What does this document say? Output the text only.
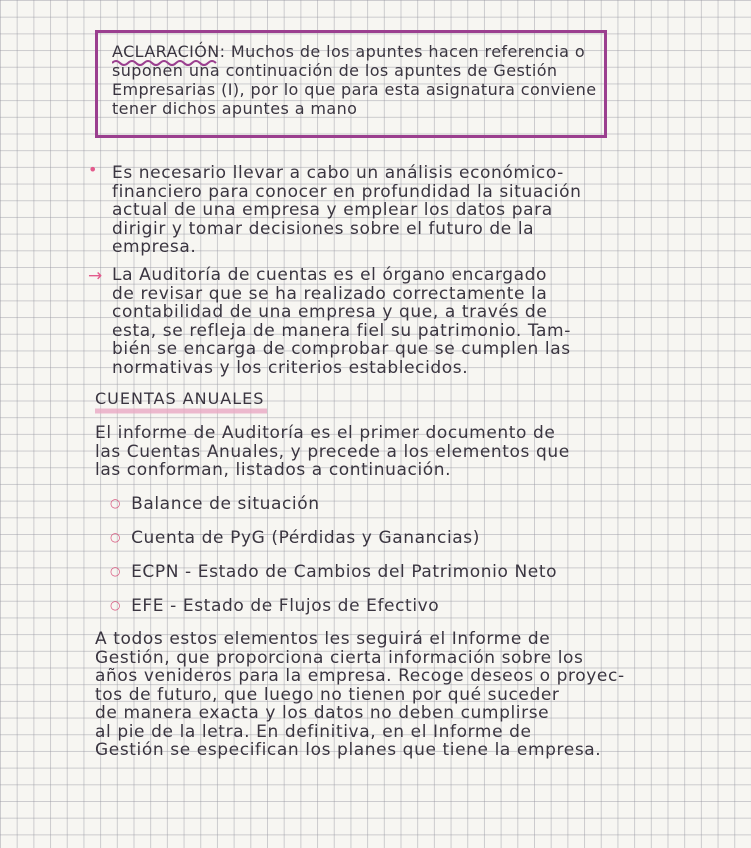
ACLARACIÓN: Muchos de los apuntes hacen referencia o suponen una continuación de los apuntes de Gestión Empresarias (I), por lo que para esta asignatura conviene tener dichos apuntes a mano
• Es necesario llevar a cabo un análisis económico-
financiero para conocer en profundidad la situación
actual de una empresa y emplear los datos para
dirigir y tomar decisiones sobre el futuro de la
empresa.
→ La Auditoría de cuentas es el órgano encargado
de revisar que se ha realizado correctamente la
contabilidad de una empresa y que, a través de
esta, se refleja de manera fiel su patrimonio. Tam-
bién se encarga de comprobar que se cumplen las
normativas y los criterios establecidos.
CUENTAS ANUALES
El informe de Auditoría es el primer documento de
las Cuentas Anuales, y precede a los elementos que
las conforman, listados a continuación.
○ Balance de situación
○ Cuenta de PyG (Pérdidas y Ganancias)
○ ECPN - Estado de Cambios del Patrimonio Neto
○ EFE - Estado de Flujos de Efectivo
A todos estos elementos les seguirá el Informe de
Gestión, que proporciona cierta información sobre los
años venideros para la empresa. Recoge deseos o proyec-
tos de futuro, que luego no tienen por qué suceder
de manera exacta y los datos no deben cumplirse
al pie de la letra. En definitiva, en el Informe de
Gestión se especifican los planes que tiene la empresa.
